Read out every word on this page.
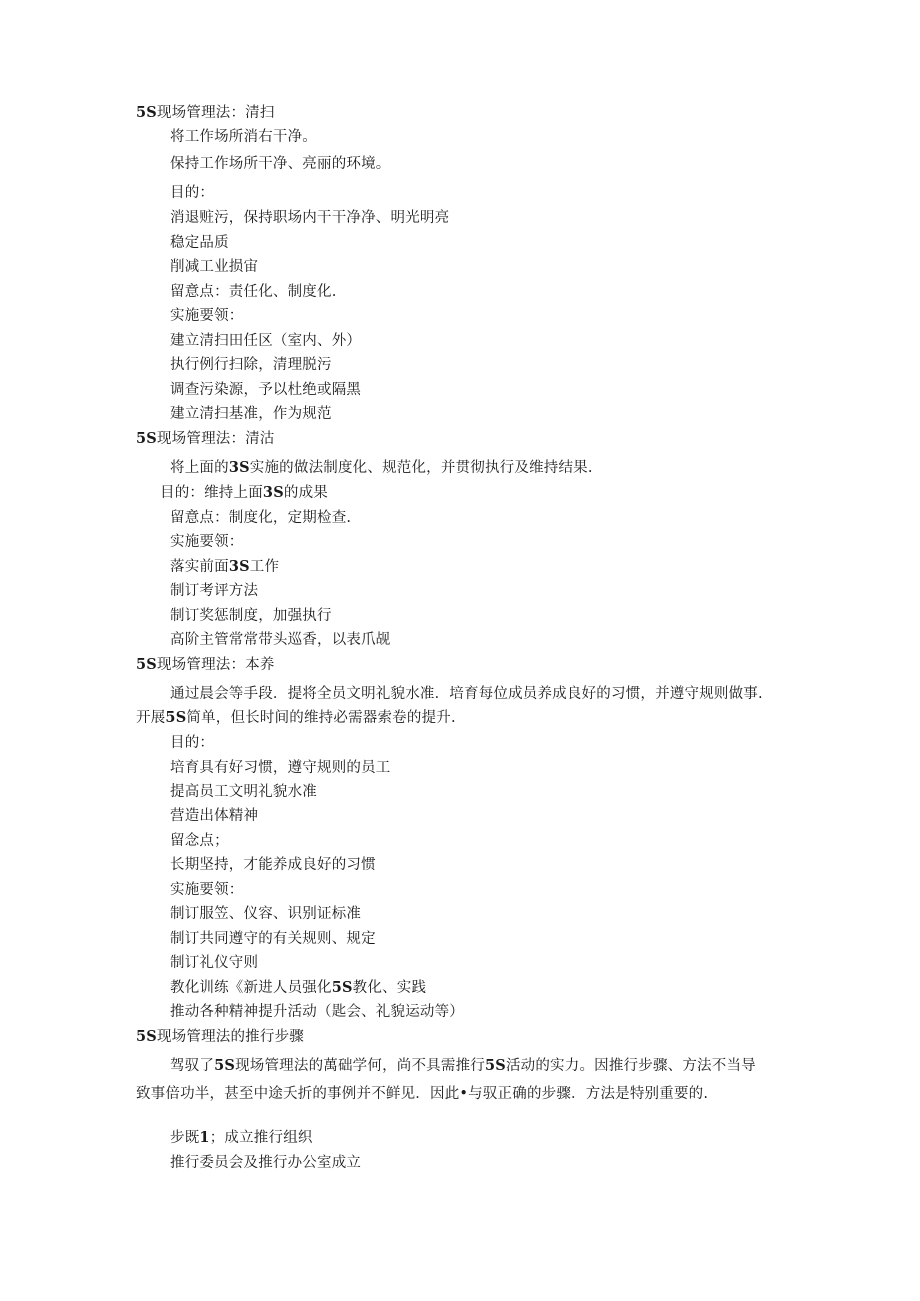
5S现场管理法：清扫
将工作场所消右干净。
保持工作场所干净、亮丽的环境。
目的：
消退赃污，保持职场内干干净净、明光明亮
稳定品质
削减工业损宙
留意点：责任化、制度化.
实施要领：
建立清扫田任区（室内、外）
执行例行扫除，清理脱污
调查污染源，予以杜绝或隔黑
建立清扫基准，作为规范
5S现场管理法：清沽
将上面的3S实施的做法制度化、规范化，并贯彻执行及维持结果.
目的：维持上面3S的成果
留意点：制度化，定期检查.
实施要领：
落实前面3S工作
制订考评方法
制订奖惩制度，加强执行
高阶主管常常带头巡香，以表爪觇
5S现场管理法：本养
通过晨会等手段．提将全员文明礼貌水准．培育每位成员养成良好的习惯，并遵守规则做事.
开展5S简单，但长时间的维持必需器索卷的提升.
目的：
培育具有好习惯，遵守规则的员工
提高员工文明礼貌水准
营造出体精神
留念点；
长期坚持，才能养成良好的习惯
实施要领：
制订服笠、仪容、识别证标准
制订共同遵守的有关规则、规定
制订礼仪守则
教化训练《新进人员强化5S教化、实践
推动各种精神提升活动（匙会、礼貌运动等）
5S现场管理法的推行步骤
驾驭了5S现场管理法的萬础学何，尚不具需推行5S活动的实力。因推行步骤、方法不当导
致事倍功半，甚至中途夭折的事例并不鲜见．因此•与驭正确的步骤．方法是特别重要的.
步既1；成立推行组织
推行委员会及推行办公室成立
